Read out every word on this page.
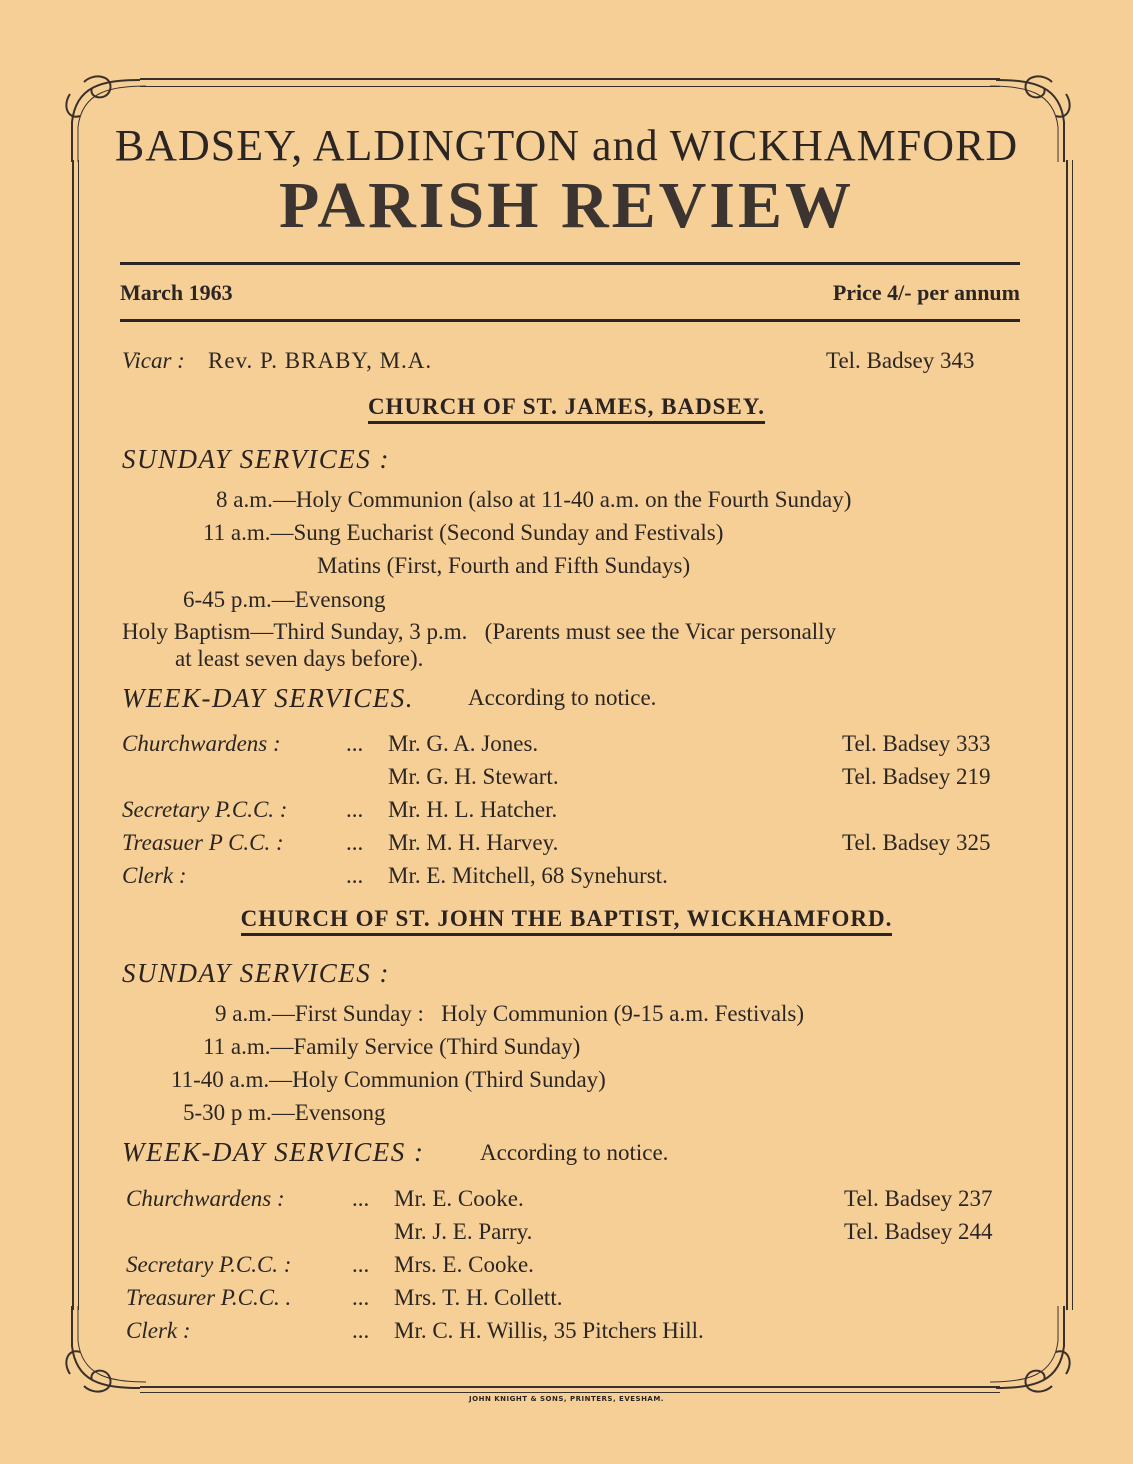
BADSEY, ALDINGTON and WICKHAMFORD
PARISH REVIEW
March 1963	Price 4/- per annum
Vicar : Rev. P. BRABY, M.A.	Tel. Badsey 343
CHURCH OF ST. JAMES, BADSEY.
SUNDAY SERVICES :
8 a.m.—Holy Communion (also at 11-40 a.m. on the Fourth Sunday)
11 a.m.—Sung Eucharist (Second Sunday and Festivals)
Matins (First, Fourth and Fifth Sundays)
6-45 p.m.—Evensong
Holy Baptism—Third Sunday, 3 p.m.   (Parents must see the Vicar personally
at least seven days before).
WEEK-DAY SERVICES. According to notice.
Churchwardens :	... Mr. G. A. Jones.	Tel. Badsey 333
Mr. G. H. Stewart.	Tel. Badsey 219
Secretary P.C.C. :	... Mr. H. L. Hatcher.
Treasuer P C.C. :	... Mr. M. H. Harvey.	Tel. Badsey 325
Clerk :	... Mr. E. Mitchell, 68 Synehurst.
CHURCH OF ST. JOHN THE BAPTIST, WICKHAMFORD.
SUNDAY SERVICES :
9 a.m.—First Sunday :   Holy Communion (9-15 a.m. Festivals)
11 a.m.—Family Service (Third Sunday)
11-40 a.m.—Holy Communion (Third Sunday)
5-30 p m.—Evensong
WEEK-DAY SERVICES : According to notice.
Churchwardens :	... Mr. E. Cooke.	Tel. Badsey 237
Mr. J. E. Parry.	Tel. Badsey 244
Secretary P.C.C. :	... Mrs. E. Cooke.
Treasurer P.C.C. .	... Mrs. T. H. Collett.
Clerk :	... Mr. C. H. Willis, 35 Pitchers Hill.
JOHN KNIGHT & SONS, PRINTERS, EVESHAM.
